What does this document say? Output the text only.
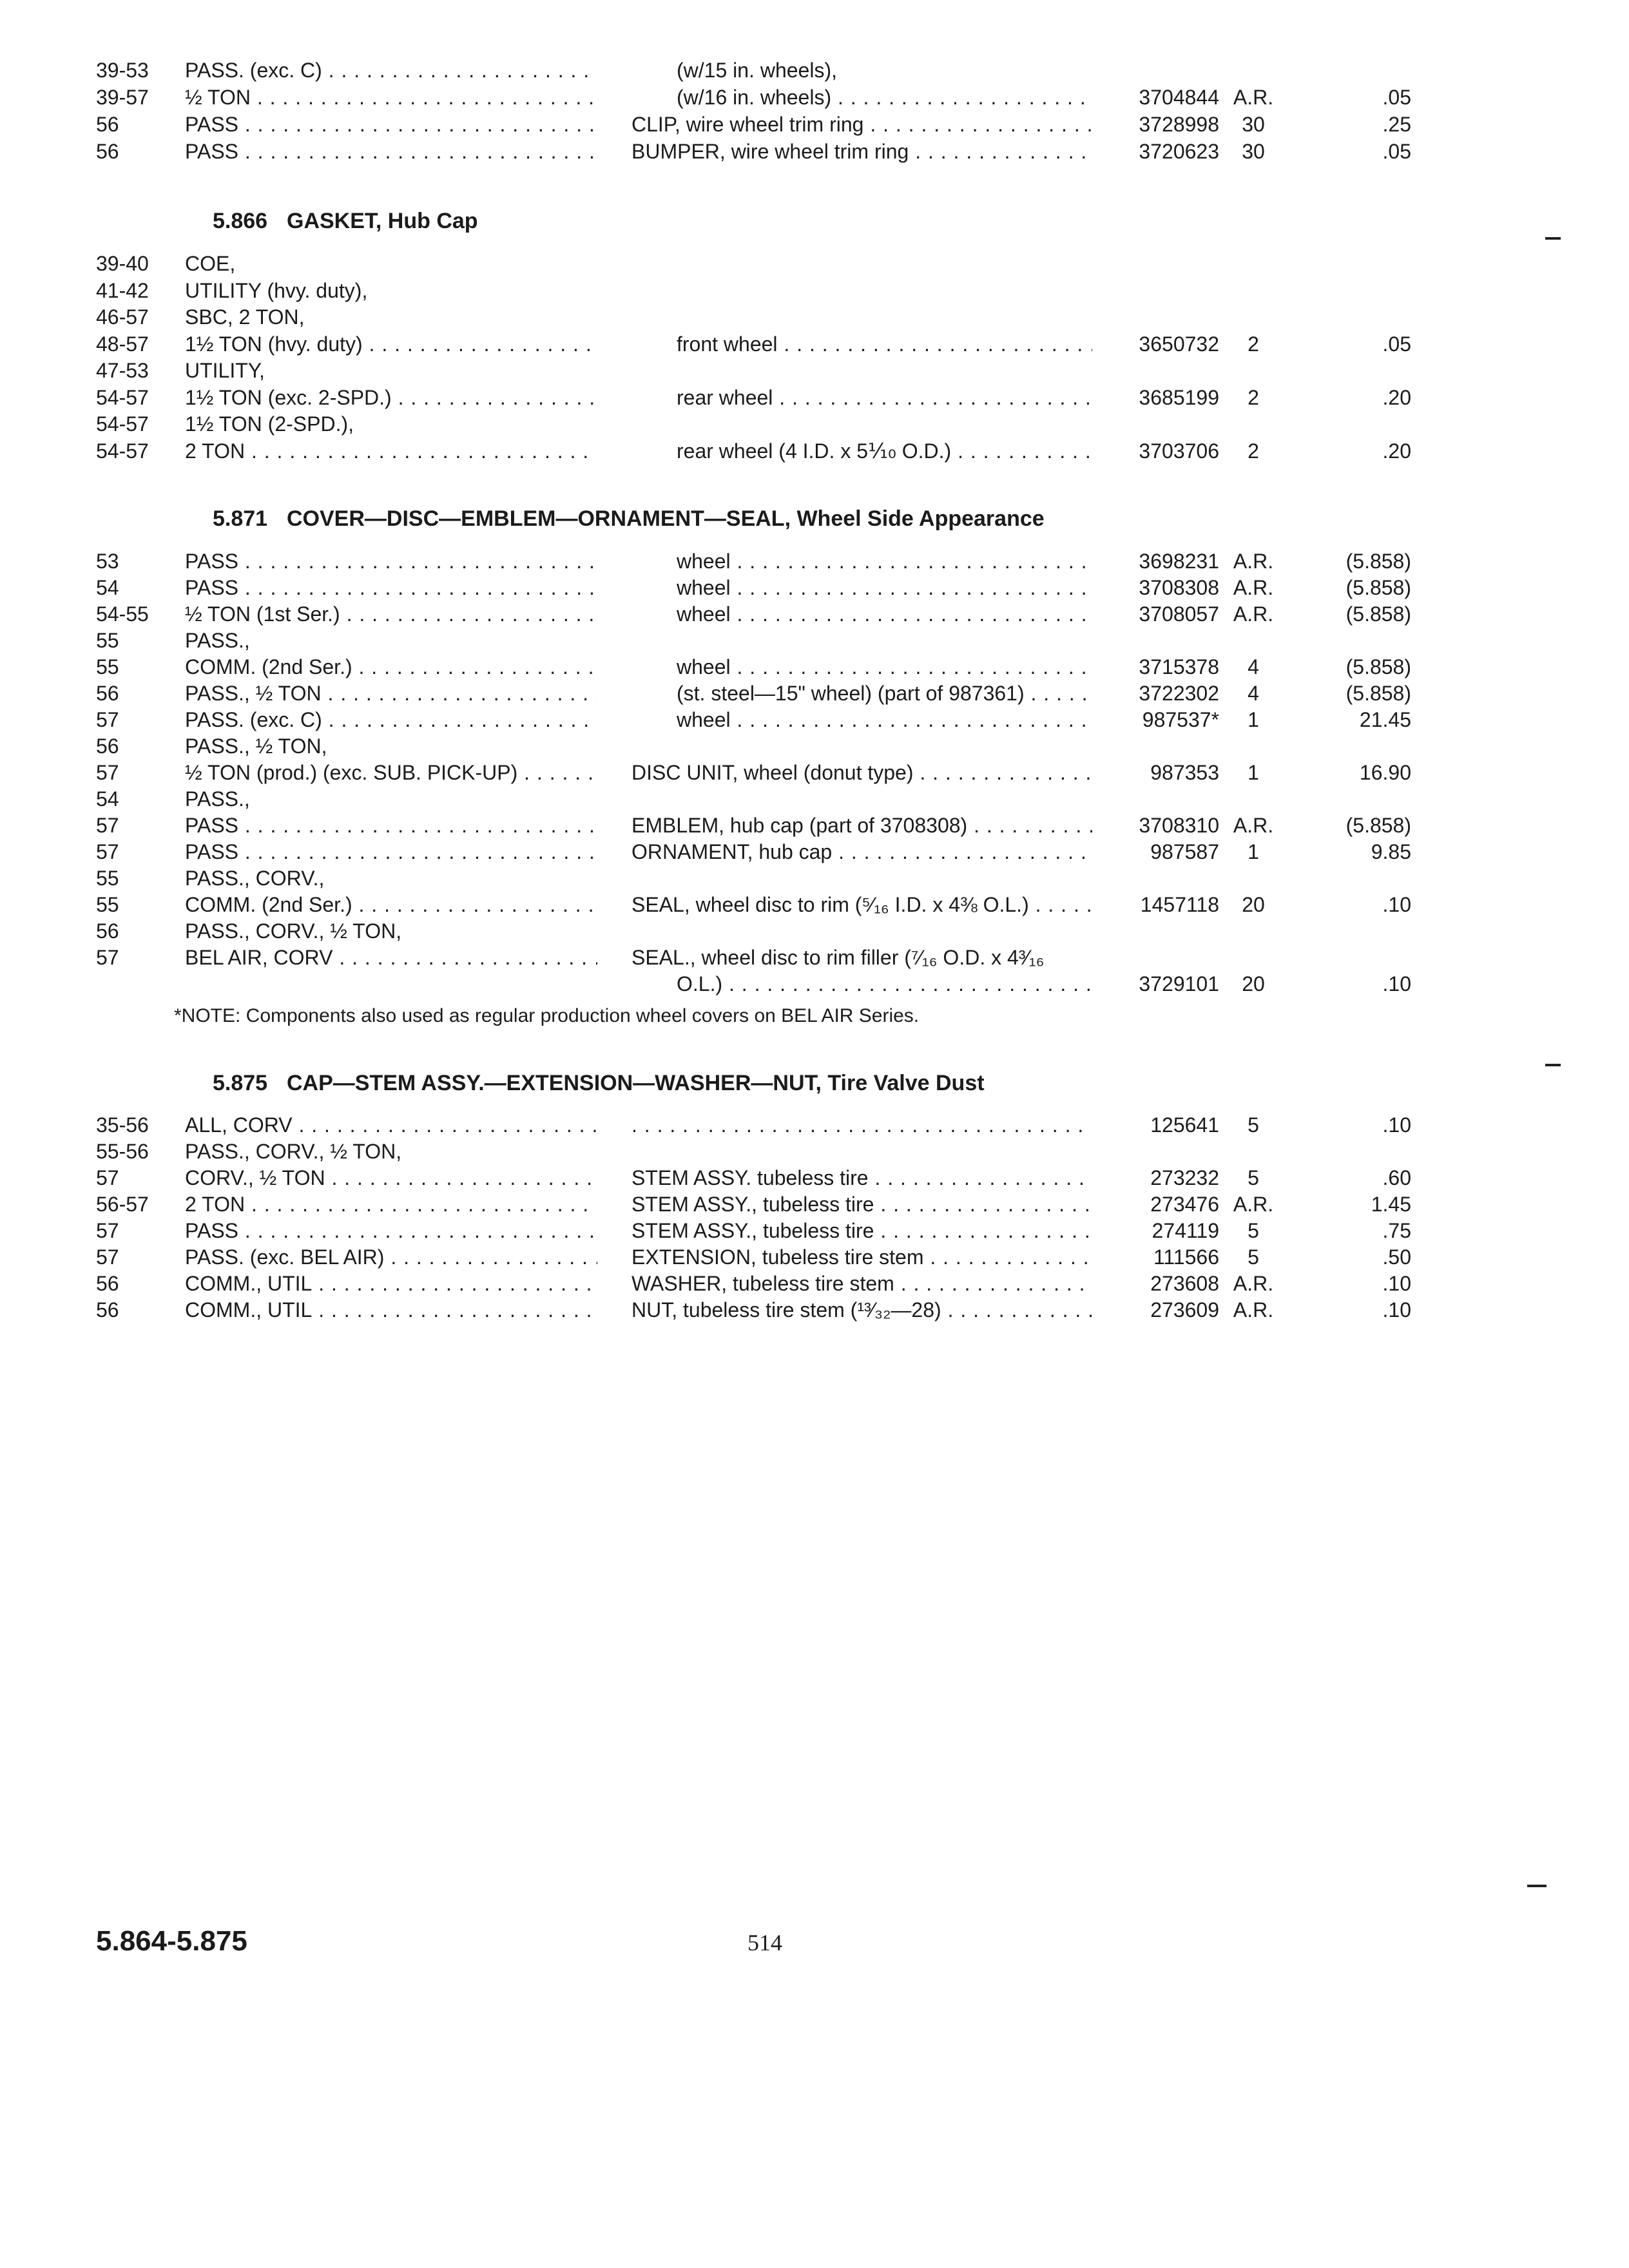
39-53	PASS. (exc. C) . . .	(w/15 in. wheels),
39-57	½ TON . . .	(w/16 in. wheels) . . .	3704844 A.R.	.05
56	PASS . . .	CLIP, wire wheel trim ring . . .	3728998	30	.25
56	PASS . . .	BUMPER, wire wheel trim ring . . .	3720623	30	.05
5.866 GASKET, Hub Cap
39-40	COE,
41-42	UTILITY (hvy. duty),
46-57	SBC, 2 TON,
48-57	1½ TON (hvy. duty) . . .	front wheel . . .	3650732	2	.05
47-53	UTILITY,
54-57	1½ TON (exc. 2-SPD.) . . .	rear wheel . . .	3685199	2	.20
54-57	1½ TON (2-SPD.),
54-57	2 TON . . .	rear wheel (4 I.D. x 5⅒ O.D.) . . .	3703706	2	.20
5.871 COVER—DISC—EMBLEM—ORNAMENT—SEAL, Wheel Side Appearance
53	PASS . . .	wheel . . .	3698231 A.R.	(5.858)
54	PASS . . .	wheel . . .	3708308 A.R.	(5.858)
54-55	½ TON (1st Ser.) . . .	wheel . . .	3708057 A.R.	(5.858)
55	PASS.,
55	COMM. (2nd Ser.) . . .	wheel . . .	3715378	4	(5.858)
56	PASS., ½ TON . . .	(st. steel—15" wheel) (part of 987361) . . .	3722302	4	(5.858)
57	PASS. (exc. C) . . .	wheel . . .	987537*	1	21.45
56	PASS., ½ TON,
57	½ TON (prod.) (exc. SUB. PICK-UP) . . .	DISC UNIT, wheel (donut type) . . .	987353	1	16.90
54	PASS.,
57	PASS . . .	EMBLEM, hub cap (part of 3708308) . . .	3708310 A.R.	(5.858)
57	PASS . . .	ORNAMENT, hub cap . . .	987587	1	9.85
55	PASS., CORV.,
55	COMM. (2nd Ser.) . . .	SEAL, wheel disc to rim (⁵⁄₁₆ I.D. x 4⅜ O.L.) . . .	1457118	20	.10
56	PASS., CORV., ½ TON,
57	BEL AIR, CORV . . .	SEAL., wheel disc to rim filler (⁷⁄₁₆ O.D. x 4³⁄₁₆
O.L.) . . .	3729101	20	.10
*NOTE: Components also used as regular production wheel covers on BEL AIR Series.
5.875 CAP—STEM ASSY.—EXTENSION—WASHER—NUT, Tire Valve Dust
35-56	ALL, CORV . . .
. . .	125641	5	.10
55-56	PASS., CORV., ½ TON,
57	CORV., ½ TON . . .	STEM ASSY. tubeless tire . . .	273232	5	.60
56-57	2 TON . . .	STEM ASSY., tubeless tire . . .	273476 A.R.	1.45
57	PASS . . .	STEM ASSY., tubeless tire . . .	274119	5	.75
57	PASS. (exc. BEL AIR) . . .	EXTENSION, tubeless tire stem . . .	111566	5	.50
56	COMM., UTIL . . .	WASHER, tubeless tire stem . . .	273608 A.R.	.10
56	COMM., UTIL . . .	NUT, tubeless tire stem (¹³⁄₃₂—28) . . .	273609 A.R.	.10
5.864-5.875	514
